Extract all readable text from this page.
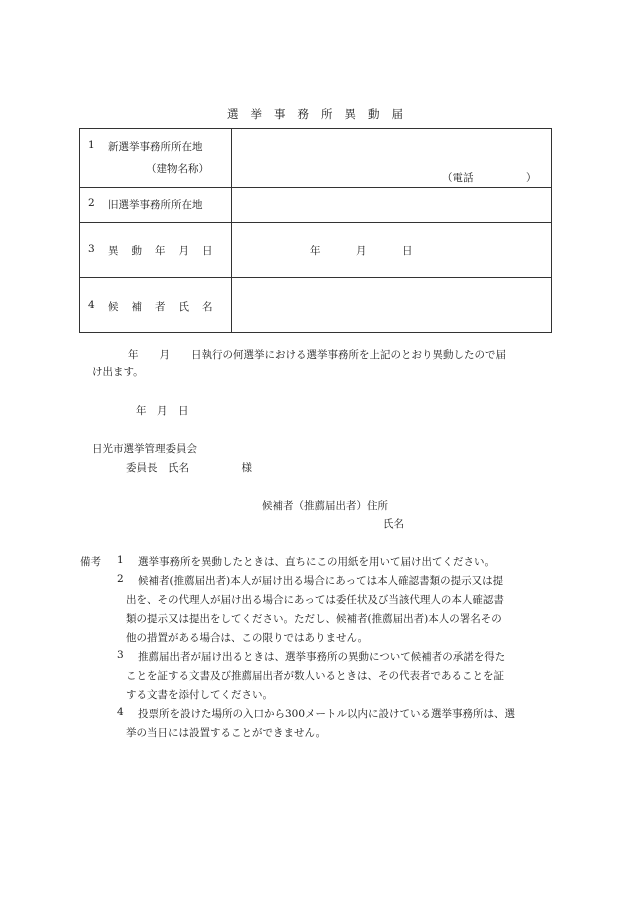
選挙事務所異動届
1 新選挙事務所所在地
（建物名称）
（電話　　　　　）
2 旧選挙事務所所在地
3 異動年月日	年	月	日
4 候補者氏名
年　　月　　日執行の何選挙における選挙事務所を上記のとおり異動したので届
け出ます。
年　月　日
日光市選挙管理委員会
委員長　氏名　　　　　様
候補者（推薦届出者）住所
氏名
備考 1 選挙事務所を異動したときは、直ちにこの用紙を用いて届け出てください。
2 候補者(推薦届出者)本人が届け出る場合にあっては本人確認書類の提示又は提
出を、その代理人が届け出る場合にあっては委任状及び当該代理人の本人確認書
類の提示又は提出をしてください。ただし、候補者(推薦届出者)本人の署名その
他の措置がある場合は、この限りではありません。
3 推薦届出者が届け出るときは、選挙事務所の異動について候補者の承諾を得た
ことを証する文書及び推薦届出者が数人いるときは、その代表者であることを証
する文書を添付してください。
4 投票所を設けた場所の入口から300メートル以内に設けている選挙事務所は、選
挙の当日には設置することができません。
